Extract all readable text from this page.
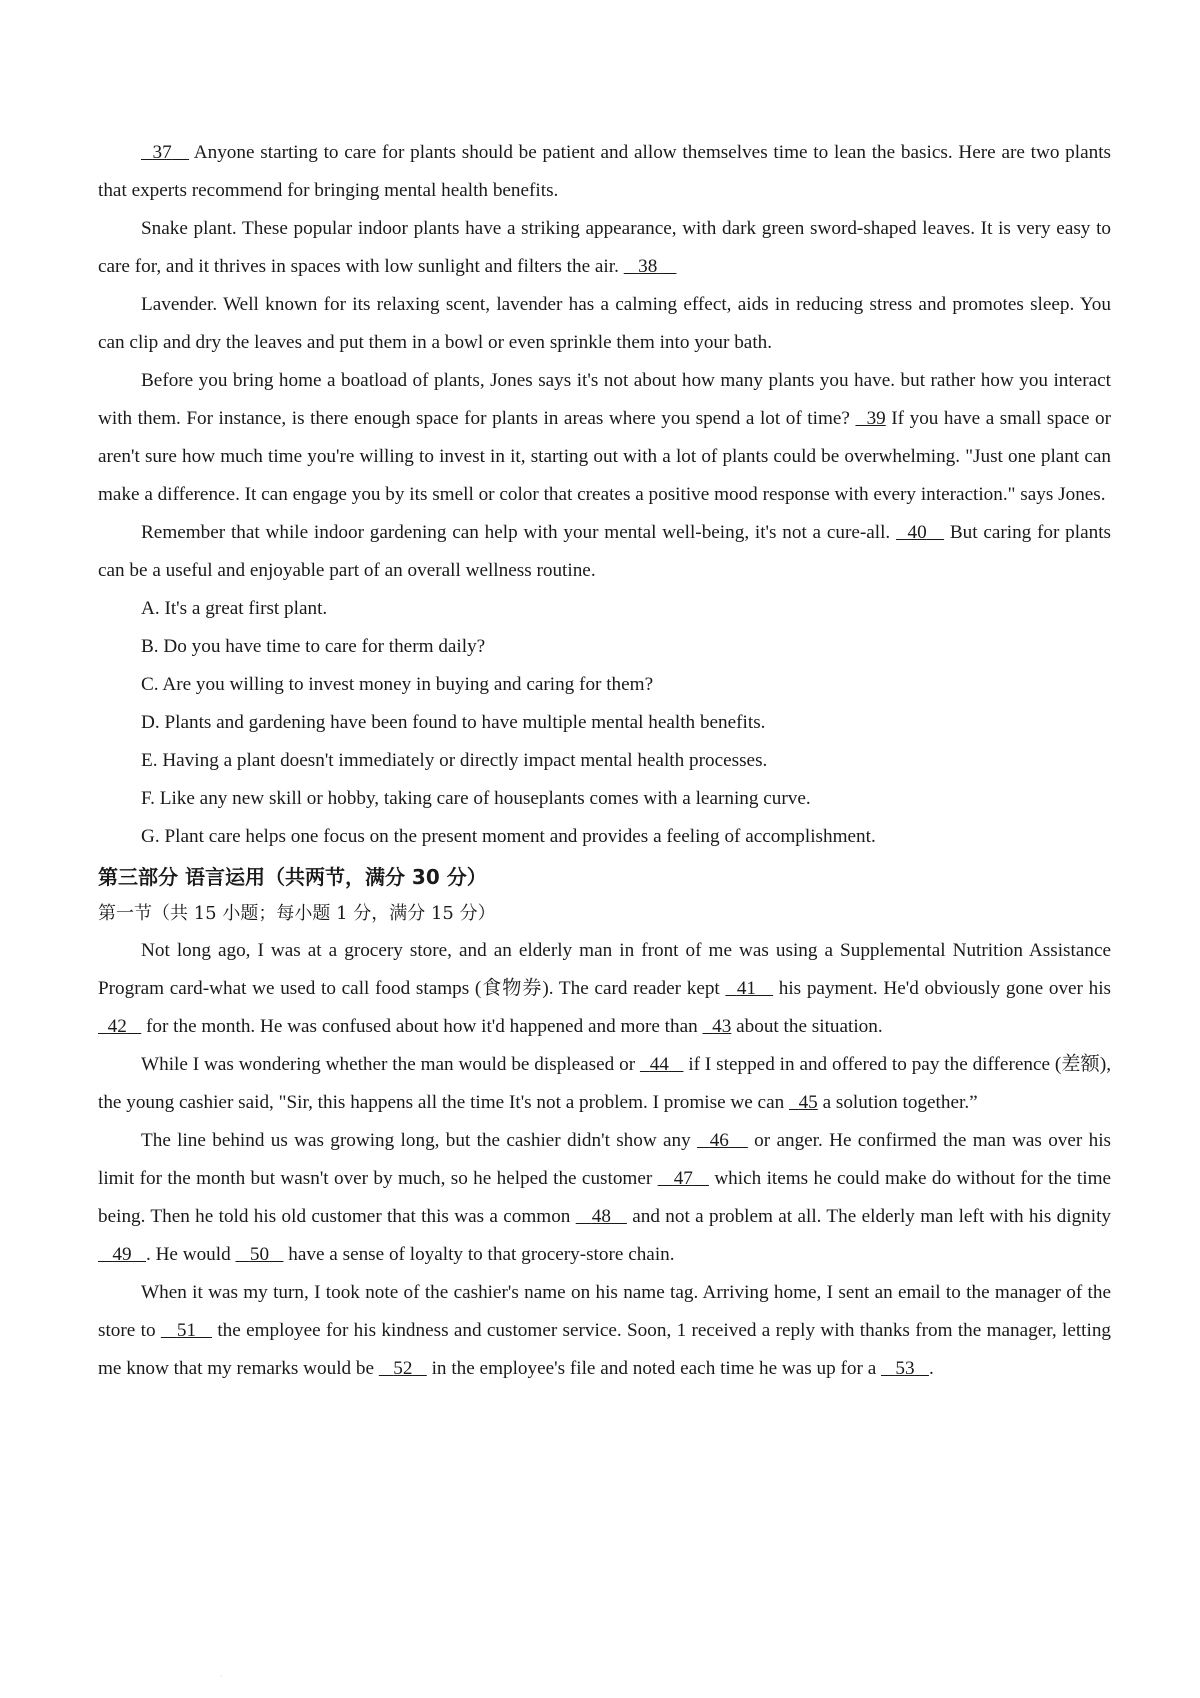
37    Anyone starting to care for plants should be patient and allow themselves time to lean the basics. Here are two plants that experts recommend for bringing mental health benefits.

Snake plant. These popular indoor plants have a striking appearance, with dark green sword-shaped leaves. It is very easy to care for, and it thrives in spaces with low sunlight and filters the air.    38

Lavender. Well known for its relaxing scent, lavender has a calming effect, aids in reducing stress and promotes sleep. You can clip and dry the leaves and put them in a bowl or even sprinkle them into your bath.

Before you bring home a boatload of plants, Jones says it's not about how many plants you have. but rather how you interact with them. For instance, is there enough space for plants in areas where you spend a lot of time?   39 If you have a small space or aren't sure how much time you're willing to invest in it, starting out with a lot of plants could be overwhelming. "Just one plant can make a difference. It can engage you by its smell or color that creates a positive mood response with every interaction." says Jones.

Remember that while indoor gardening can help with your mental well-being, it's not a cure-all.   40    But caring for plants can be a useful and enjoyable part of an overall wellness routine.

A. It's a great first plant.

B. Do you have time to care for therm daily?

C. Are you willing to invest money in buying and caring for them?

D. Plants and gardening have been found to have multiple mental health benefits.

E. Having a plant doesn't immediately or directly impact mental health processes.

F. Like any new skill or hobby, taking care of houseplants comes with a learning curve.

G. Plant care helps one focus on the present moment and provides a feeling of accomplishment.

第三部分 语言运用（共两节，满分 30 分）

第一节（共 15 小题；每小题 1 分，满分 15 分）

Not long ago, I was at a grocery store, and an elderly man in front of me was using a Supplemental Nutrition Assistance Program card-what we used to call food stamps (食物券). The card reader kept   41    his payment. He'd obviously gone over his   42    for the month. He was confused about how it'd happened and more than   43 about the situation.

While I was wondering whether the man would be displeased or   44    if I stepped in and offered to pay the difference (差额), the young cashier said, "Sir, this happens all the time It's not a problem. I promise we can   45 a solution together.”

The line behind us was growing long, but the cashier didn't show any   46    or anger. He confirmed the man was over his limit for the month but wasn't over by much, so he helped the customer    47    which items he could make do without for the time being. Then he told his old customer that this was a common    48    and not a problem at all. The elderly man left with his dignity    49 . He would    50    have a sense of loyalty to that grocery-store chain.

When it was my turn, I took note of the cashier's name on his name tag. Arriving home, I sent an email to the manager of the store to    51    the employee for his kindness and customer service. Soon, 1 received a reply with thanks from the manager, letting me know that my remarks would be    52    in the employee's file and noted each time he was up for a    53 .

·
